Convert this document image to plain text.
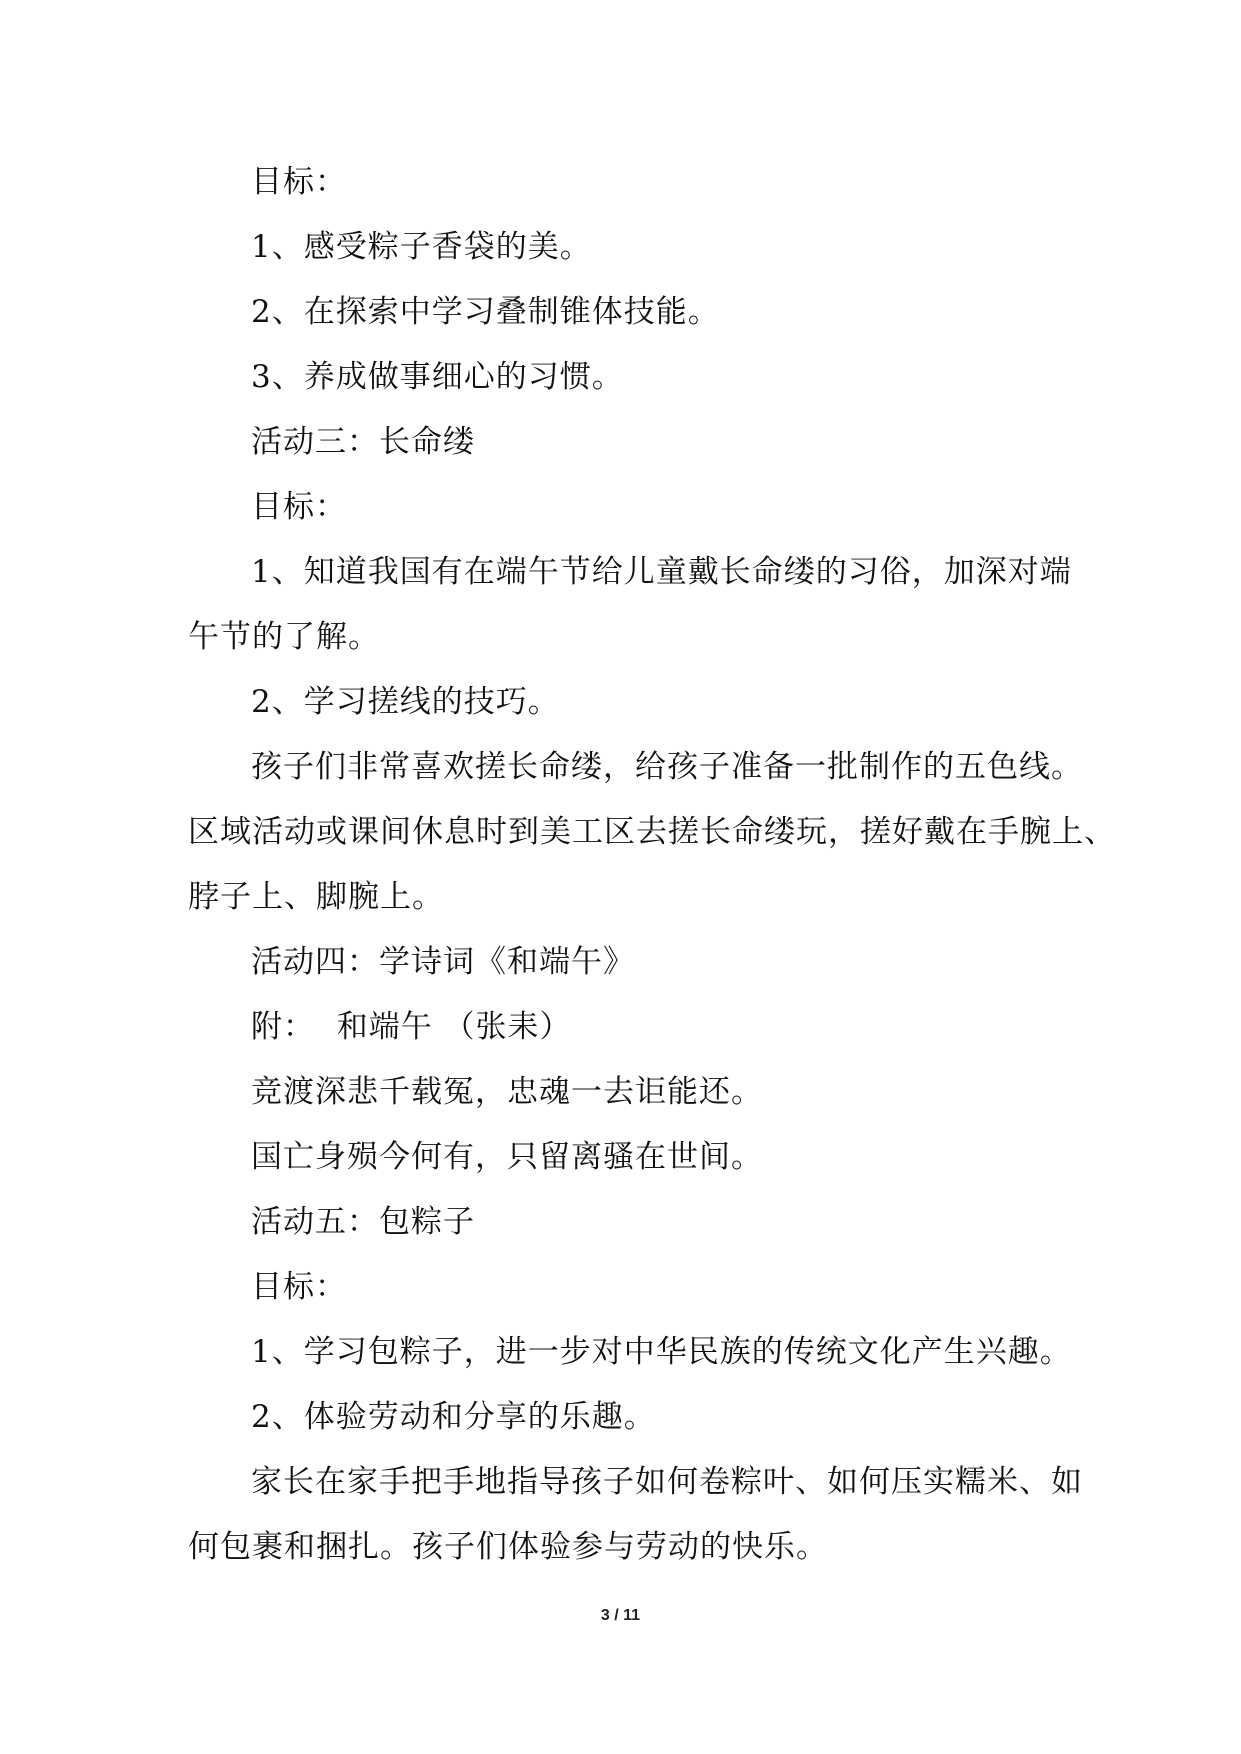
目标：
1、感受粽子香袋的美。
2、在探索中学习叠制锥体技能。
3、养成做事细心的习惯。
活动三：长命缕
目标：
1、知道我国有在端午节给儿童戴长命缕的习俗，加深对端
午节的了解。
2、学习搓线的技巧。
孩子们非常喜欢搓长命缕，给孩子准备一批制作的五色线。
区域活动或课间休息时到美工区去搓长命缕玩，搓好戴在手腕上、
脖子上、脚腕上。
活动四：学诗词《和端午》
附：  和端午 （张耒）
竞渡深悲千载冤，忠魂一去讵能还。
国亡身殒今何有，只留离骚在世间。
活动五：包粽子
目标：
1、学习包粽子，进一步对中华民族的传统文化产生兴趣。
2、体验劳动和分享的乐趣。
家长在家手把手地指导孩子如何卷粽叶、如何压实糯米、如
何包裹和捆扎。孩子们体验参与劳动的快乐。
3 / 11
